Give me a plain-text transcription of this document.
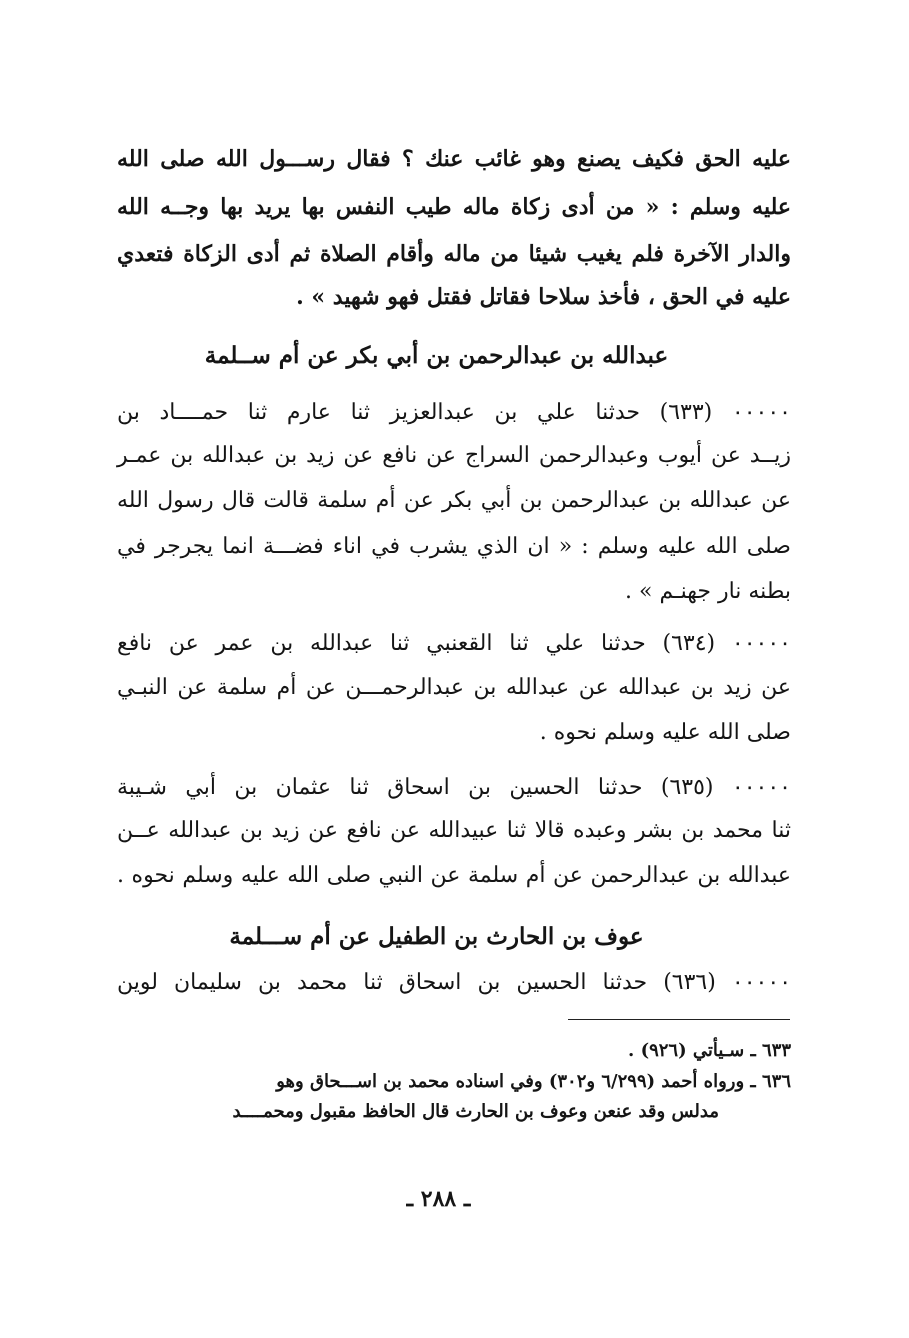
عليه الحق فكيف يصنع وهو غائب عنك ؟ فقال رســـول الله صلى الله
عليه وسلم : « من أدى زكاة ماله طيب النفس بها يريد بها وجــه الله
والدار الآخرة فلم يغيب شيئا من ماله وأقام الصلاة ثم أدى الزكاة فتعدي
عليه في الحق ، فأخذ سلاحا فقاتل فقتل فهو شهيد » .
عبدالله بن عبدالرحمن بن أبي بكر عن أم ســلمة
٠٠٠٠٠ (٦٣٣) حدثنا علي بن عبدالعزيز ثنا عارم ثنا حمــــاد بن
زيــد عن أيوب وعبدالرحمن السراج عن نافع عن زيد بن عبدالله بن عمـر
عن عبدالله بن عبدالرحمن بن أبي بكر عن أم سلمة قالت قال رسول الله
صلى الله عليه وسلم : « ان الذي يشرب في اناء فضـــة انما يجرجر في
بطنه نار جهنـم » .
٠٠٠٠٠ (٦٣٤) حدثنا علي ثنا القعنبي ثنا عبدالله بن عمر عن نافع
عن زيد بن عبدالله عن عبدالله بن عبدالرحمـــن عن أم سلمة عن النبـي
صلى الله عليه وسلم نحوه .
٠٠٠٠٠ (٦٣٥) حدثنا الحسين بن اسحاق ثنا عثمان بن أبي شـيبة
ثنا محمد بن بشر وعبده قالا ثنا عبيدالله عن نافع عن زيد بن عبدالله عــن
عبدالله بن عبدالرحمن عن أم سلمة عن النبي صلى الله عليه وسلم نحوه .
عوف بن الحارث بن الطفيل عن أم ســـلمة
٠٠٠٠٠ (٦٣٦) حدثنا الحسين بن اسحاق ثنا محمد بن سليمان لوين
٦٣٣ ـ سـيأتي (٩٢٦) .
٦٣٦ ـ ورواه أحمد (٦/٢٩٩ و٣٠٢) وفي اسناده محمد بن اســـحاق وهو
مدلس وقد عنعن وعوف بن الحارث قال الحافظ مقبول ومحمــــد
ـ ٢٨٨ ـ
